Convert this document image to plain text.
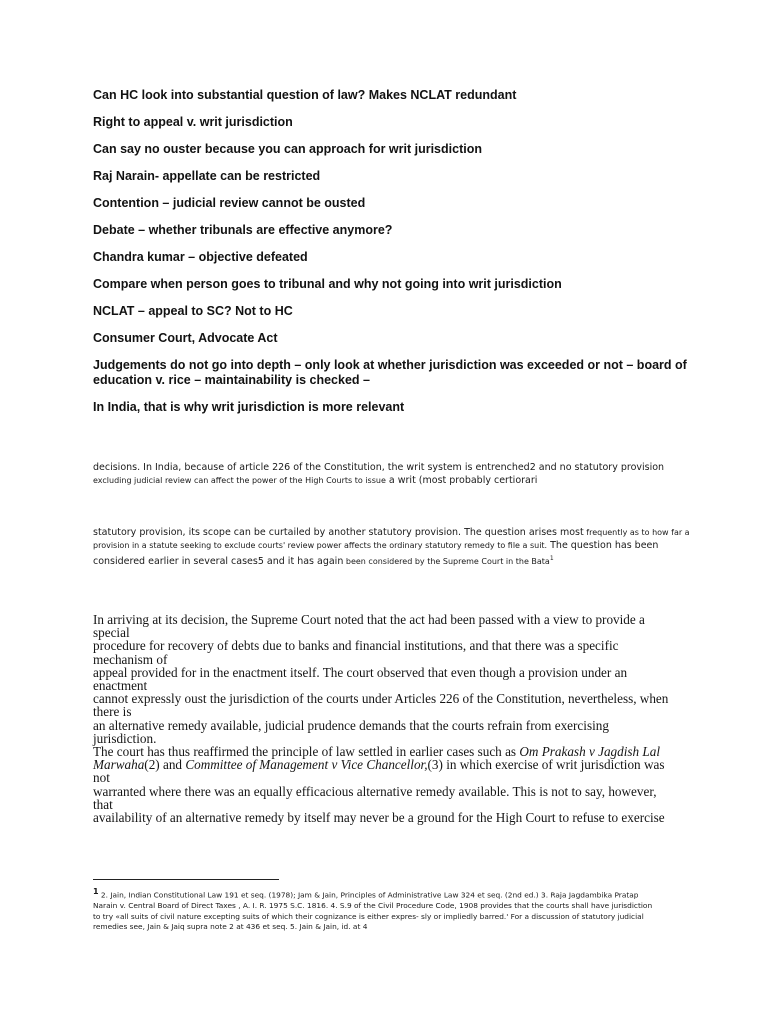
Can HC look into substantial question of law? Makes NCLAT redundant

Right to appeal v. writ jurisdiction

Can say no ouster because you can approach for writ jurisdiction

Raj Narain- appellate can be restricted

Contention – judicial review cannot be ousted

Debate – whether tribunals are effective anymore?

Chandra kumar – objective defeated

Compare when person goes to tribunal and why not going into writ jurisdiction

NCLAT – appeal to SC? Not to HC

Consumer Court, Advocate Act

Judgements do not go into depth – only look at whether jurisdiction was exceeded or not – board of education v. rice – maintainability is checked –

In India, that is why writ jurisdiction is more relevant

decisions. In India, because of article 226 of the Constitution, the writ system is entrenched2 and no statutory provision excluding judicial review can affect the power of the High Courts to issue a writ (most probably certiorari
statutory provision, its scope can be curtailed by another statutory provision. The question arises most frequently as to how far a provision in a statute seeking to exclude courts' review power affects the ordinary statutory remedy to file a suit. The question has been considered earlier in several cases5 and it has again been considered by the Supreme Court in the Bata$^1$
In arriving at its decision, the Supreme Court noted that the act had been passed with a view to provide a special
procedure for recovery of debts due to banks and financial institutions, and that there was a specific mechanism of
appeal provided for in the enactment itself. The court observed that even though a provision under an enactment
cannot expressly oust the jurisdiction of the courts under Articles 226 of the Constitution, nevertheless, when there is
an alternative remedy available, judicial prudence demands that the courts refrain from exercising jurisdiction.
The court has thus reaffirmed the principle of law settled in earlier cases such as Om Prakash v Jagdish Lal
Marwaha(2) and Committee of Management v Vice Chancellor,(3) in which exercise of writ jurisdiction was not
warranted where there was an equally efficacious alternative remedy available. This is not to say, however, that
availability of an alternative remedy by itself may never be a ground for the High Court to refuse to exercise
$^1$ 2. Jain, Indian Constitutional Law 191 et seq. (1978); Jam & Jain, Principles of Administrative Law 324 et seq. (2nd ed.) 3. Raja Jagdambika Pratap Narain v. Central Board of Direct Taxes , A. I. R. 1975 S.C. 1816. 4. S.9 of the Civil Procedure Code, 1908 provides that the courts shall have jurisdiction to try «all suits of civil nature excepting suits of which their cognizance is either expres- sly or impliedly barred.' For a discussion of statutory judicial remedies see, Jain & Jaiq supra note 2 at 436 et seq. 5. Jain & Jain, id. at 4
